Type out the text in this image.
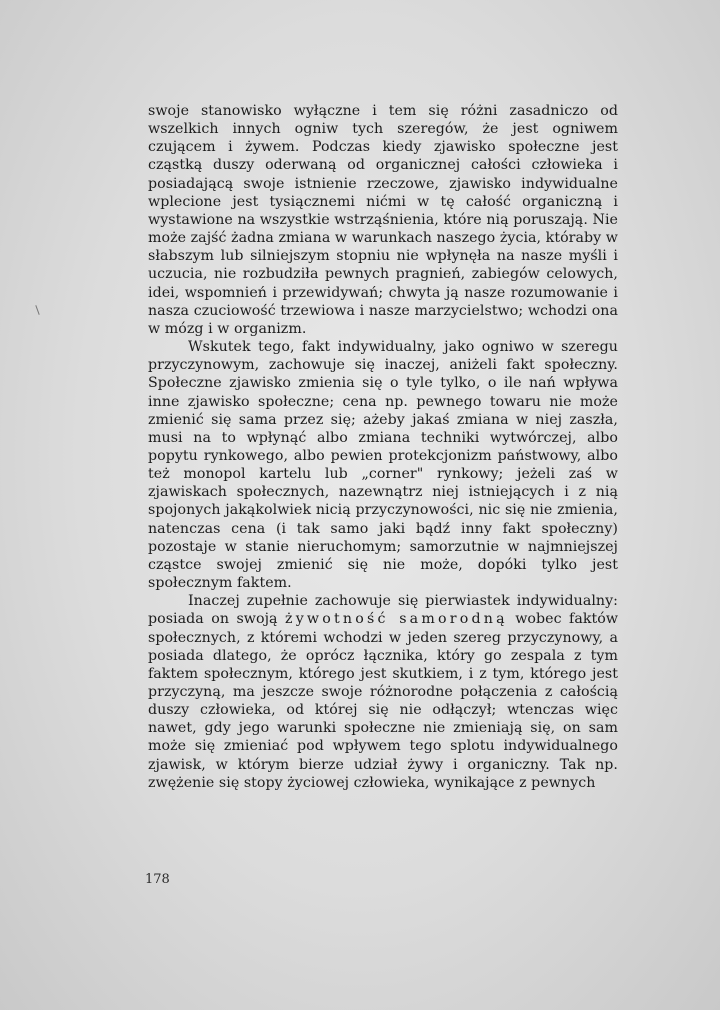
swoje stanowisko wyłączne i tem się różni zasadniczo od wszelkich innych ogniw tych szeregów, że jest ogniwem czującem i żywem. Podczas kiedy zjawisko społeczne jest cząstką duszy oderwaną od organicznej całości człowieka i posiadającą swoje istnienie rzeczowe, zjawisko indywidualne wplecione jest tysiącznemi nićmi w tę całość organiczną i wystawione na wszystkie wstrząśnienia, które nią poruszają. Nie może zajść żadna zmiana w warunkach naszego życia, któraby w słabszym lub silniejszym stopniu nie wpłynęła na nasze myśli i uczucia, nie rozbudziła pewnych pragnień, zabiegów celowych, idei, wspomnień i przewidywań; chwyta ją nasze rozumowanie i nasza czuciowość trzewiowa i nasze marzycielstwo; wchodzi ona w mózg i w organizm.

Wskutek tego, fakt indywidualny, jako ogniwo w szeregu przyczynowym, zachowuje się inaczej, aniżeli fakt społeczny. Społeczne zjawisko zmienia się o tyle tylko, o ile nań wpływa inne zjawisko społeczne; cena np. pewnego towaru nie może zmienić się sama przez się; ażeby jakaś zmiana w niej zaszła, musi na to wpłynąć albo zmiana techniki wytwórczej, albo popytu rynkowego, albo pewien protekcjonizm państwowy, albo też monopol kartelu lub „corner" rynkowy; jeżeli zaś w zjawiskach społecznych, nazewnątrz niej istniejących i z nią spojonych jakąkolwiek nicią przyczynowości, nic się nie zmienia, natenczas cena (i tak samo jaki bądź inny fakt społeczny) pozostaje w stanie nieruchomym; samorzutnie w najmniejszej cząstce swojej zmienić się nie może, dopóki tylko jest społecznym faktem.

Inaczej zupełnie zachowuje się pierwiastek indywidualny: posiada on swoją żywotność samorodną wobec faktów społecznych, z któremi wchodzi w jeden szereg przyczynowy, a posiada dlatego, że oprócz łącznika, który go zespala z tym faktem społecznym, którego jest skutkiem, i z tym, którego jest przyczyną, ma jeszcze swoje różnorodne połączenia z całością duszy człowieka, od której się nie odłączył; wtenczas więc nawet, gdy jego warunki społeczne nie zmieniają się, on sam może się zmieniać pod wpływem tego splotu indywidualnego zjawisk, w którym bierze udział żywy i organiczny. Tak np. zwężenie się stopy życiowej człowieka, wynikające z pewnych

178
